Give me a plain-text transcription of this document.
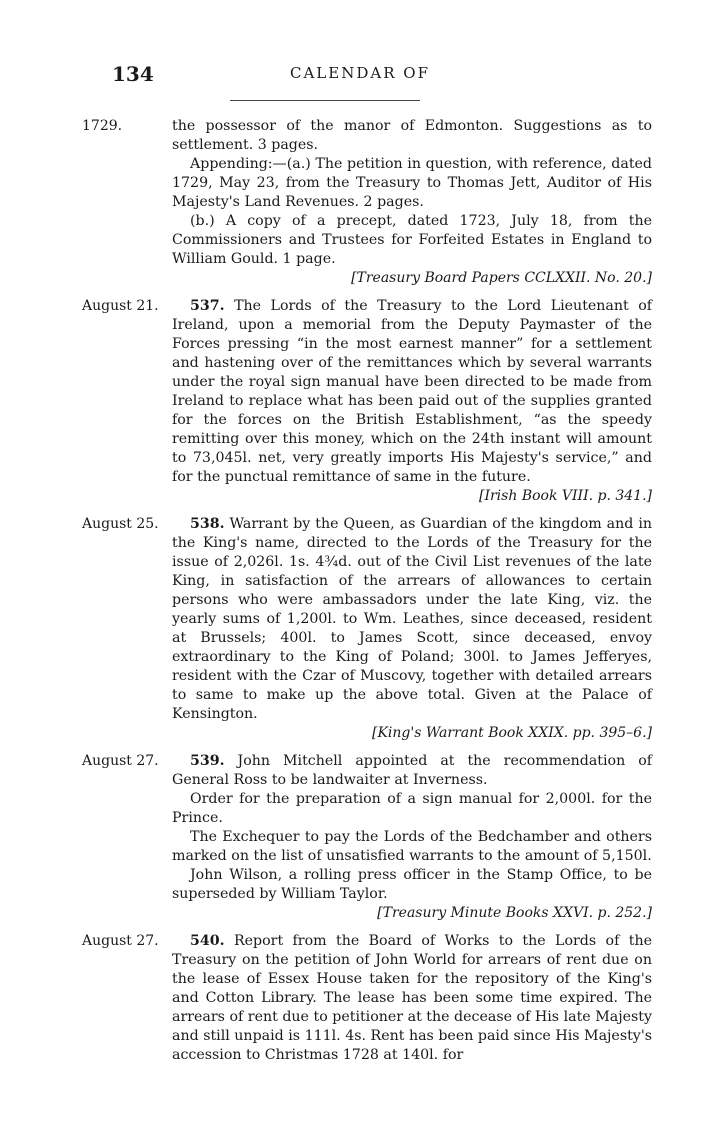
134	CALENDAR OF
1729.	the possessor of the manor of Edmonton. Suggestions as to settlement. 3 pages.

Appending:—(a.) The petition in question, with reference, dated 1729, May 23, from the Treasury to Thomas Jett, Auditor of His Majesty's Land Revenues. 2 pages.

(b.) A copy of a precept, dated 1723, July 18, from the Commissioners and Trustees for Forfeited Estates in England to William Gould. 1 page.

[Treasury Board Papers CCLXXII. No. 20.]
August 21.	537. The Lords of the Treasury to the Lord Lieutenant of Ireland, upon a memorial from the Deputy Paymaster of the Forces pressing “in the most earnest manner” for a settlement and hastening over of the remittances which by several warrants under the royal sign manual have been directed to be made from Ireland to replace what has been paid out of the supplies granted for the forces on the British Establishment, “as the speedy remitting over this money, which on the 24th instant will amount to 73,045l. net, very greatly imports His Majesty's service,” and for the punctual remittance of same in the future.

[Irish Book VIII. p. 341.]
August 25.	538. Warrant by the Queen, as Guardian of the kingdom and in the King's name, directed to the Lords of the Treasury for the issue of 2,026l. 1s. 4¾d. out of the Civil List revenues of the late King, in satisfaction of the arrears of allowances to certain persons who were ambassadors under the late King, viz. the yearly sums of 1,200l. to Wm. Leathes, since deceased, resident at Brussels; 400l. to James Scott, since deceased, envoy extraordinary to the King of Poland; 300l. to James Jefferyes, resident with the Czar of Muscovy, together with detailed arrears to same to make up the above total. Given at the Palace of Kensington.

[King's Warrant Book XXIX. pp. 395–6.]
August 27.	539. John Mitchell appointed at the recommendation of General Ross to be landwaiter at Inverness.

Order for the preparation of a sign manual for 2,000l. for the Prince.

The Exchequer to pay the Lords of the Bedchamber and others marked on the list of unsatisfied warrants to the amount of 5,150l.

John Wilson, a rolling press officer in the Stamp Office, to be superseded by William Taylor.

[Treasury Minute Books XXVI. p. 252.]
August 27.	540. Report from the Board of Works to the Lords of the Treasury on the petition of John World for arrears of rent due on the lease of Essex House taken for the repository of the King's and Cotton Library. The lease has been some time expired. The arrears of rent due to petitioner at the decease of His late Majesty and still unpaid is 111l. 4s. Rent has been paid since His Majesty's accession to Christmas 1728 at 140l. for
